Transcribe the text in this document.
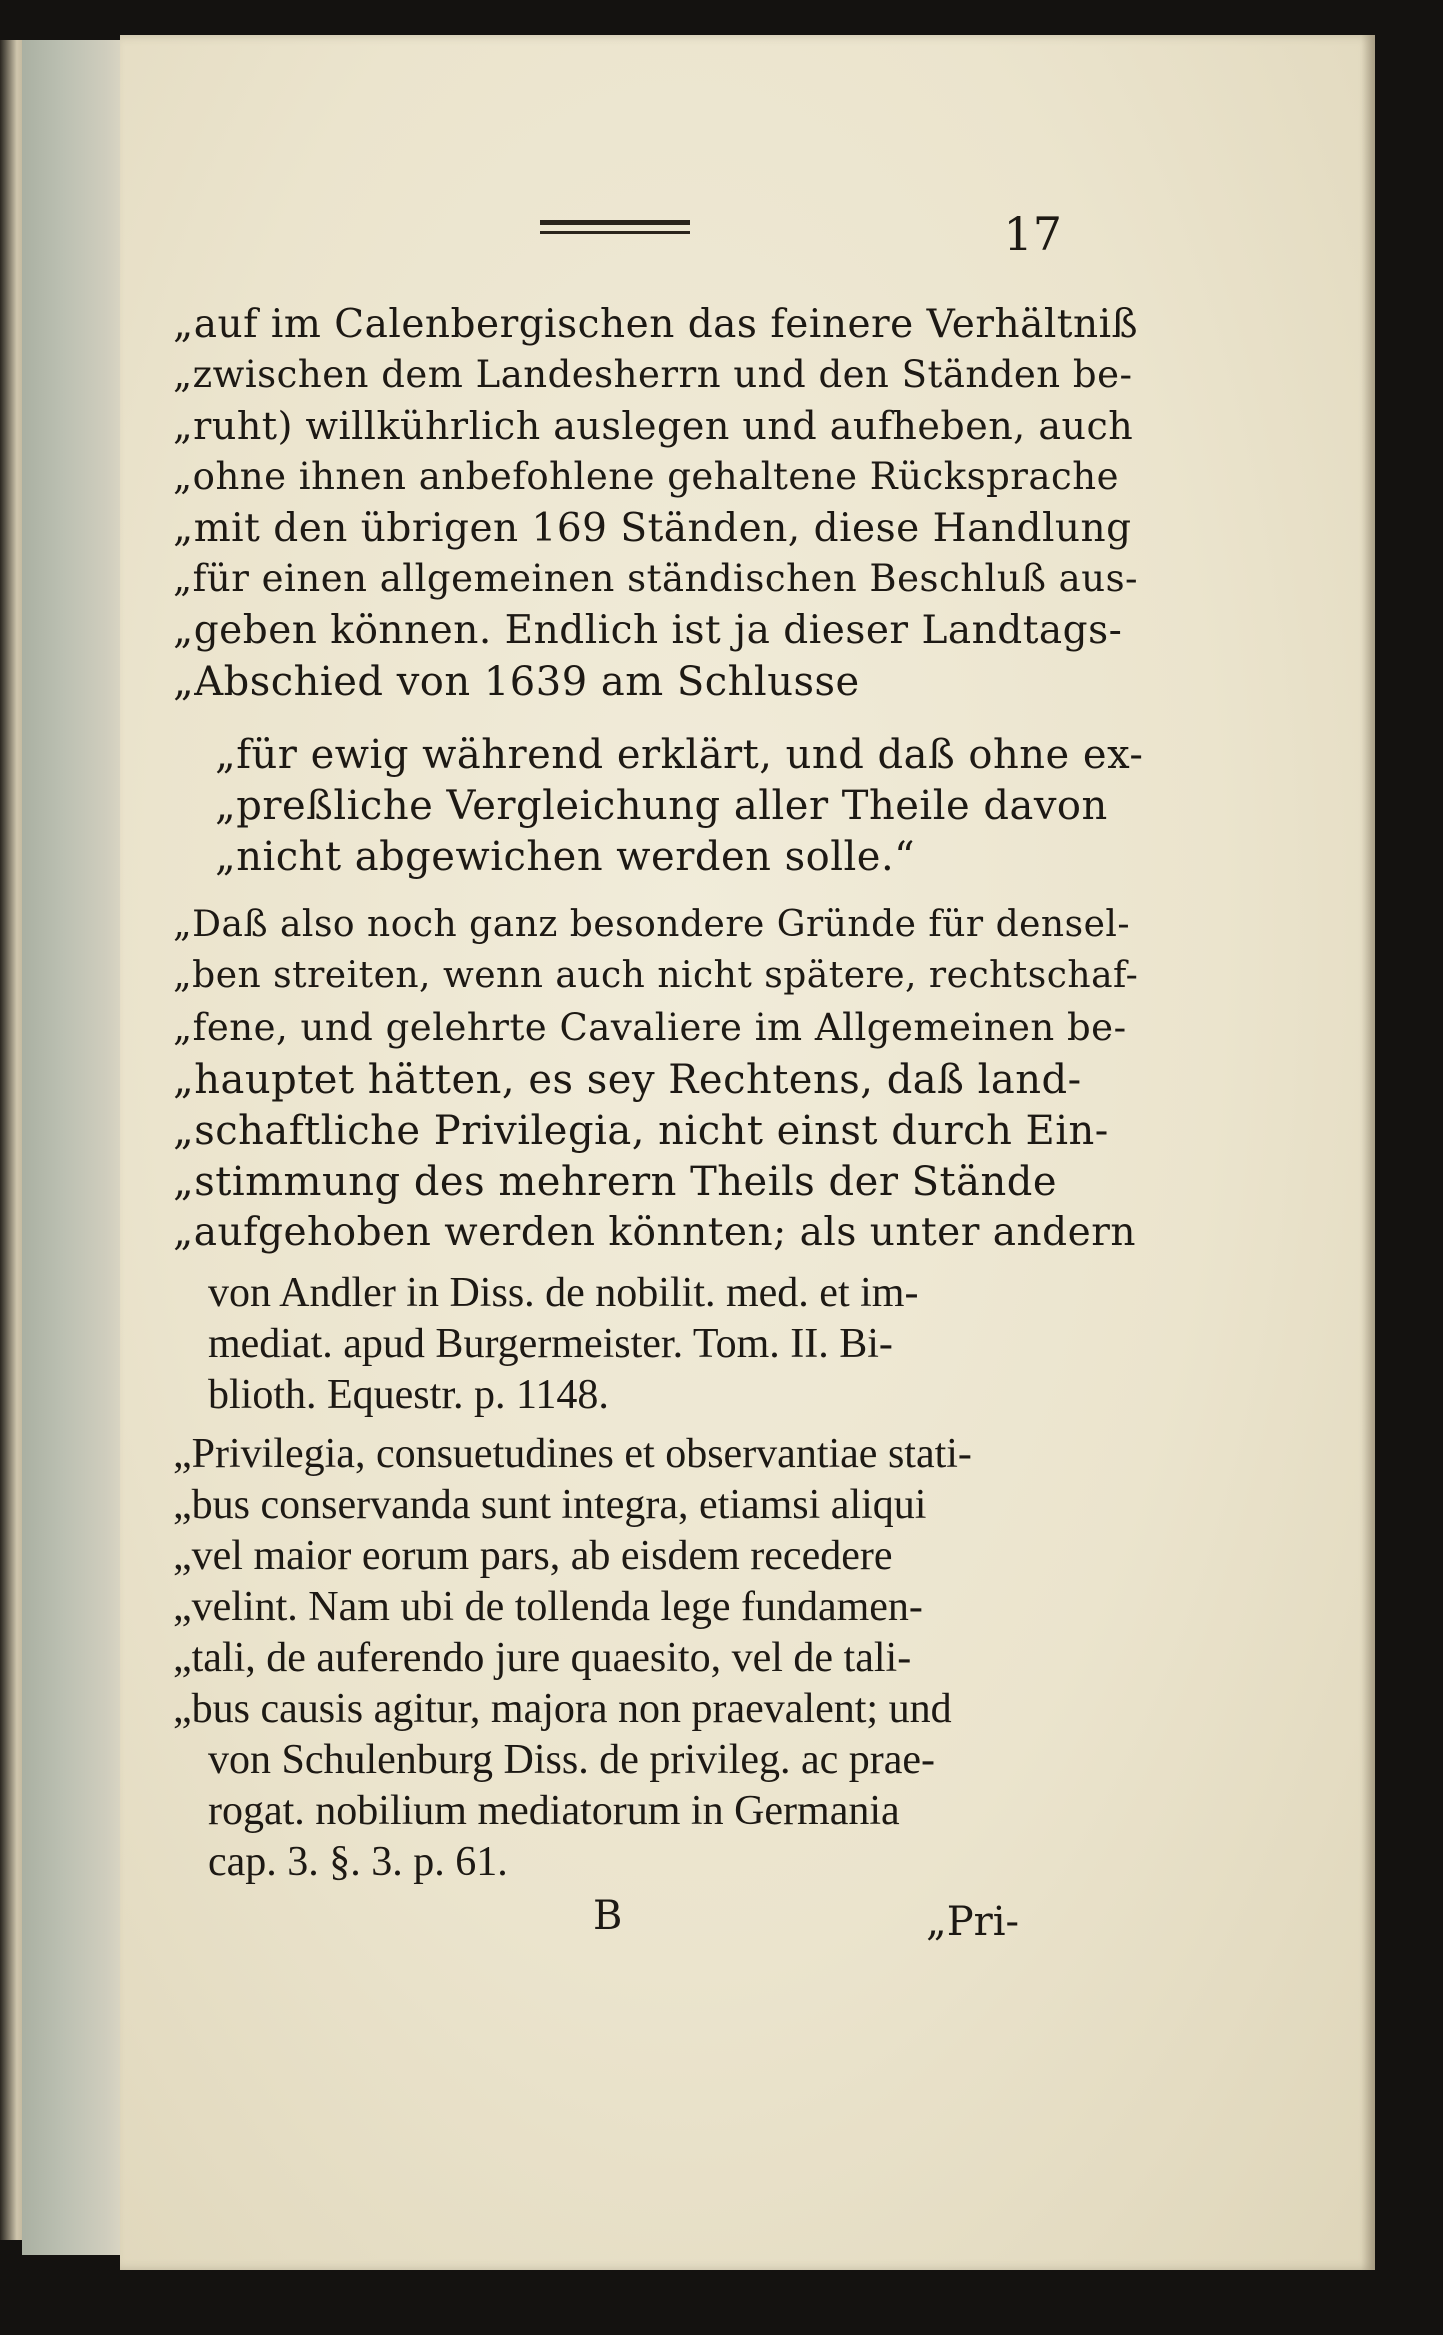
17
„auf im Calenbergischen das feinere Verhältniß
„zwischen dem Landesherrn und den Ständen be-
„ruht) willkührlich auslegen und aufheben, auch
„ohne ihnen anbefohlene gehaltene Rücksprache
„mit den übrigen 169 Ständen, diese Handlung
„für einen allgemeinen ständischen Beschluß aus-
„geben können. Endlich ist ja dieser Landtags-
„Abschied von 1639 am Schlusse
„für ewig während erklärt, und daß ohne ex-
„preßliche Vergleichung aller Theile davon
„nicht abgewichen werden solle.“
„Daß also noch ganz besondere Gründe für densel-
„ben streiten, wenn auch nicht spätere, rechtschaf-
„fene, und gelehrte Cavaliere im Allgemeinen be-
„hauptet hätten, es sey Rechtens, daß land-
„schaftliche Privilegia, nicht einst durch Ein-
„stimmung des mehrern Theils der Stände
„aufgehoben werden könnten; als unter andern
von Andler in Diss. de nobilit. med. et im-
mediat. apud Burgermeister. Tom. II. Bi-
blioth. Equestr. p. 1148.
„Privilegia, consuetudines et observantiae stati-
„bus conservanda sunt integra, etiamsi aliqui
„vel maior eorum pars, ab eisdem recedere
„velint. Nam ubi de tollenda lege fundamen-
„tali, de auferendo jure quaesito, vel de tali-
„bus causis agitur, majora non praevalent; und
von Schulenburg Diss. de privileg. ac prae-
rogat. nobilium mediatorum in Germania
cap. 3. §. 3. p. 61.
B	„Pri-
